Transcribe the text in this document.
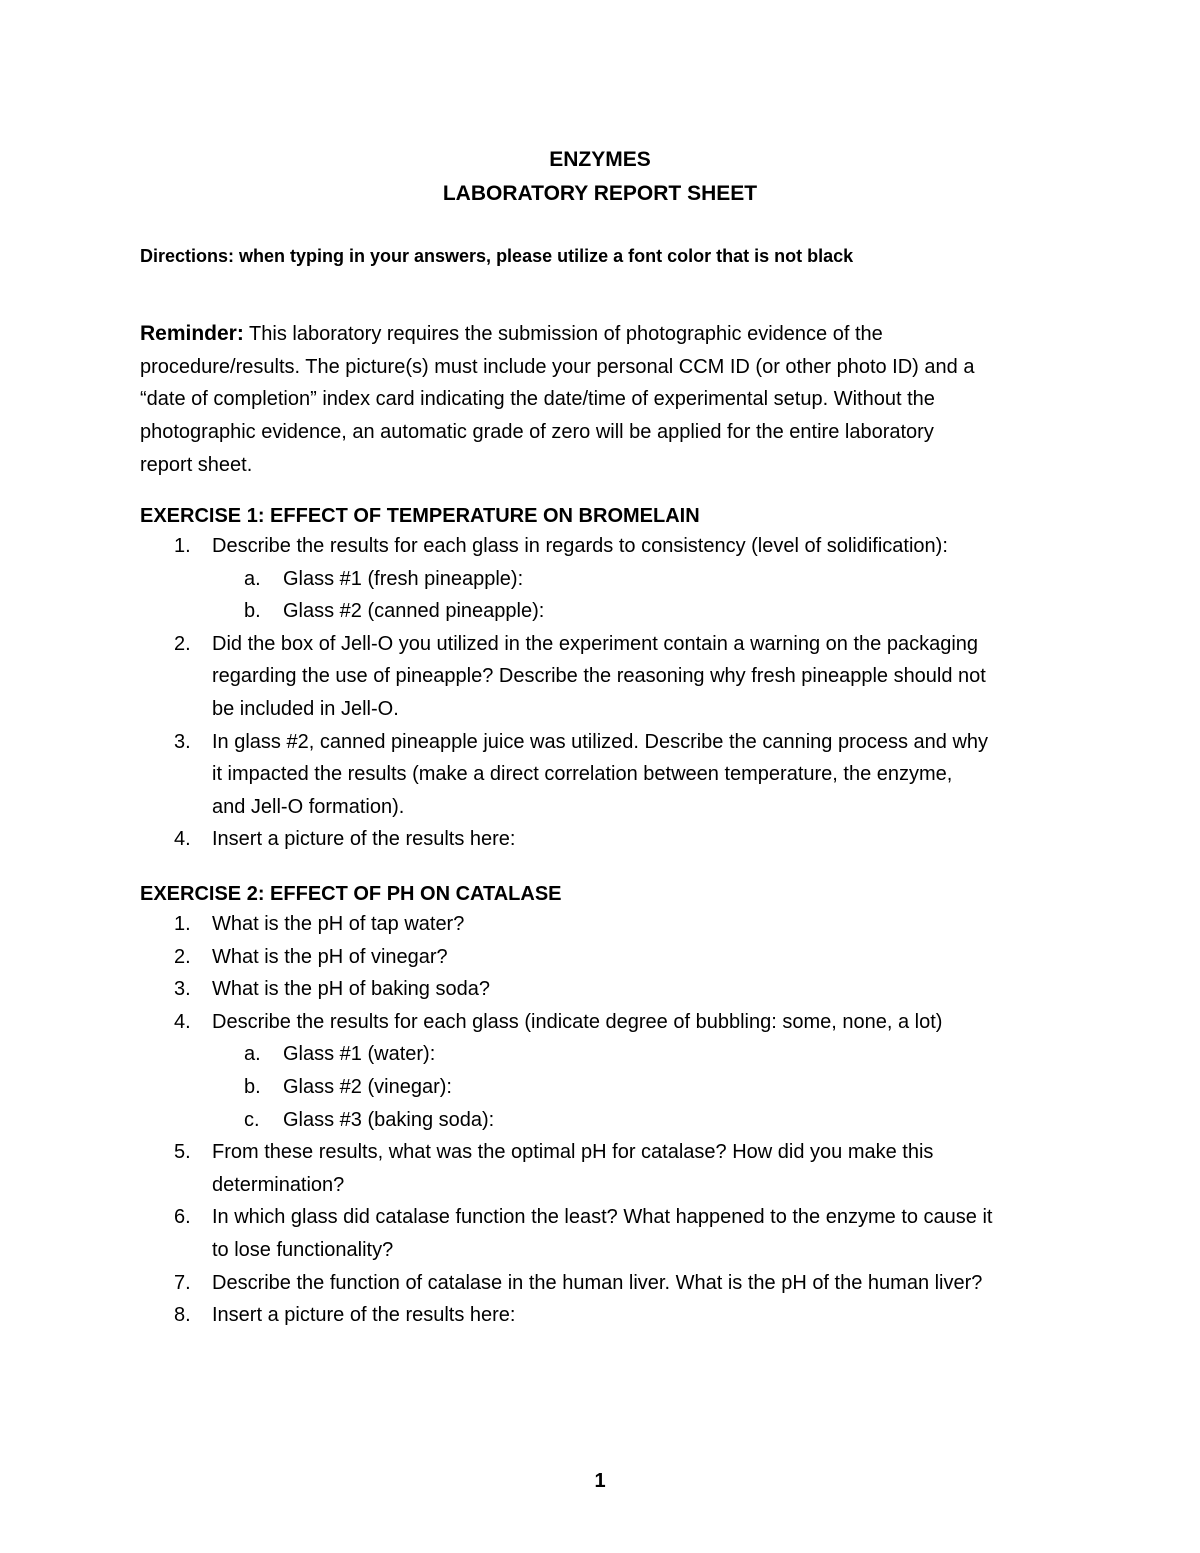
ENZYMES
LABORATORY REPORT SHEET
Directions: when typing in your answers, please utilize a font color that is not black
Reminder: This laboratory requires the submission of photographic evidence of the
procedure/results. The picture(s) must include your personal CCM ID (or other photo ID) and a
“date of completion” index card indicating the date/time of experimental setup. Without the
photographic evidence, an automatic grade of zero will be applied for the entire laboratory
report sheet.
EXERCISE 1: EFFECT OF TEMPERATURE ON BROMELAIN
1. Describe the results for each glass in regards to consistency (level of solidification):
a. Glass #1 (fresh pineapple):
b. Glass #2 (canned pineapple):
2. Did the box of Jell-O you utilized in the experiment contain a warning on the packaging
regarding the use of pineapple? Describe the reasoning why fresh pineapple should not
be included in Jell-O.
3. In glass #2, canned pineapple juice was utilized. Describe the canning process and why
it impacted the results (make a direct correlation between temperature, the enzyme,
and Jell-O formation).
4. Insert a picture of the results here:
EXERCISE 2: EFFECT OF PH ON CATALASE
1. What is the pH of tap water?
2. What is the pH of vinegar?
3. What is the pH of baking soda?
4. Describe the results for each glass (indicate degree of bubbling: some, none, a lot)
a. Glass #1 (water):
b. Glass #2 (vinegar):
c. Glass #3 (baking soda):
5. From these results, what was the optimal pH for catalase? How did you make this
determination?
6. In which glass did catalase function the least? What happened to the enzyme to cause it
to lose functionality?
7. Describe the function of catalase in the human liver. What is the pH of the human liver?
8. Insert a picture of the results here:
1
